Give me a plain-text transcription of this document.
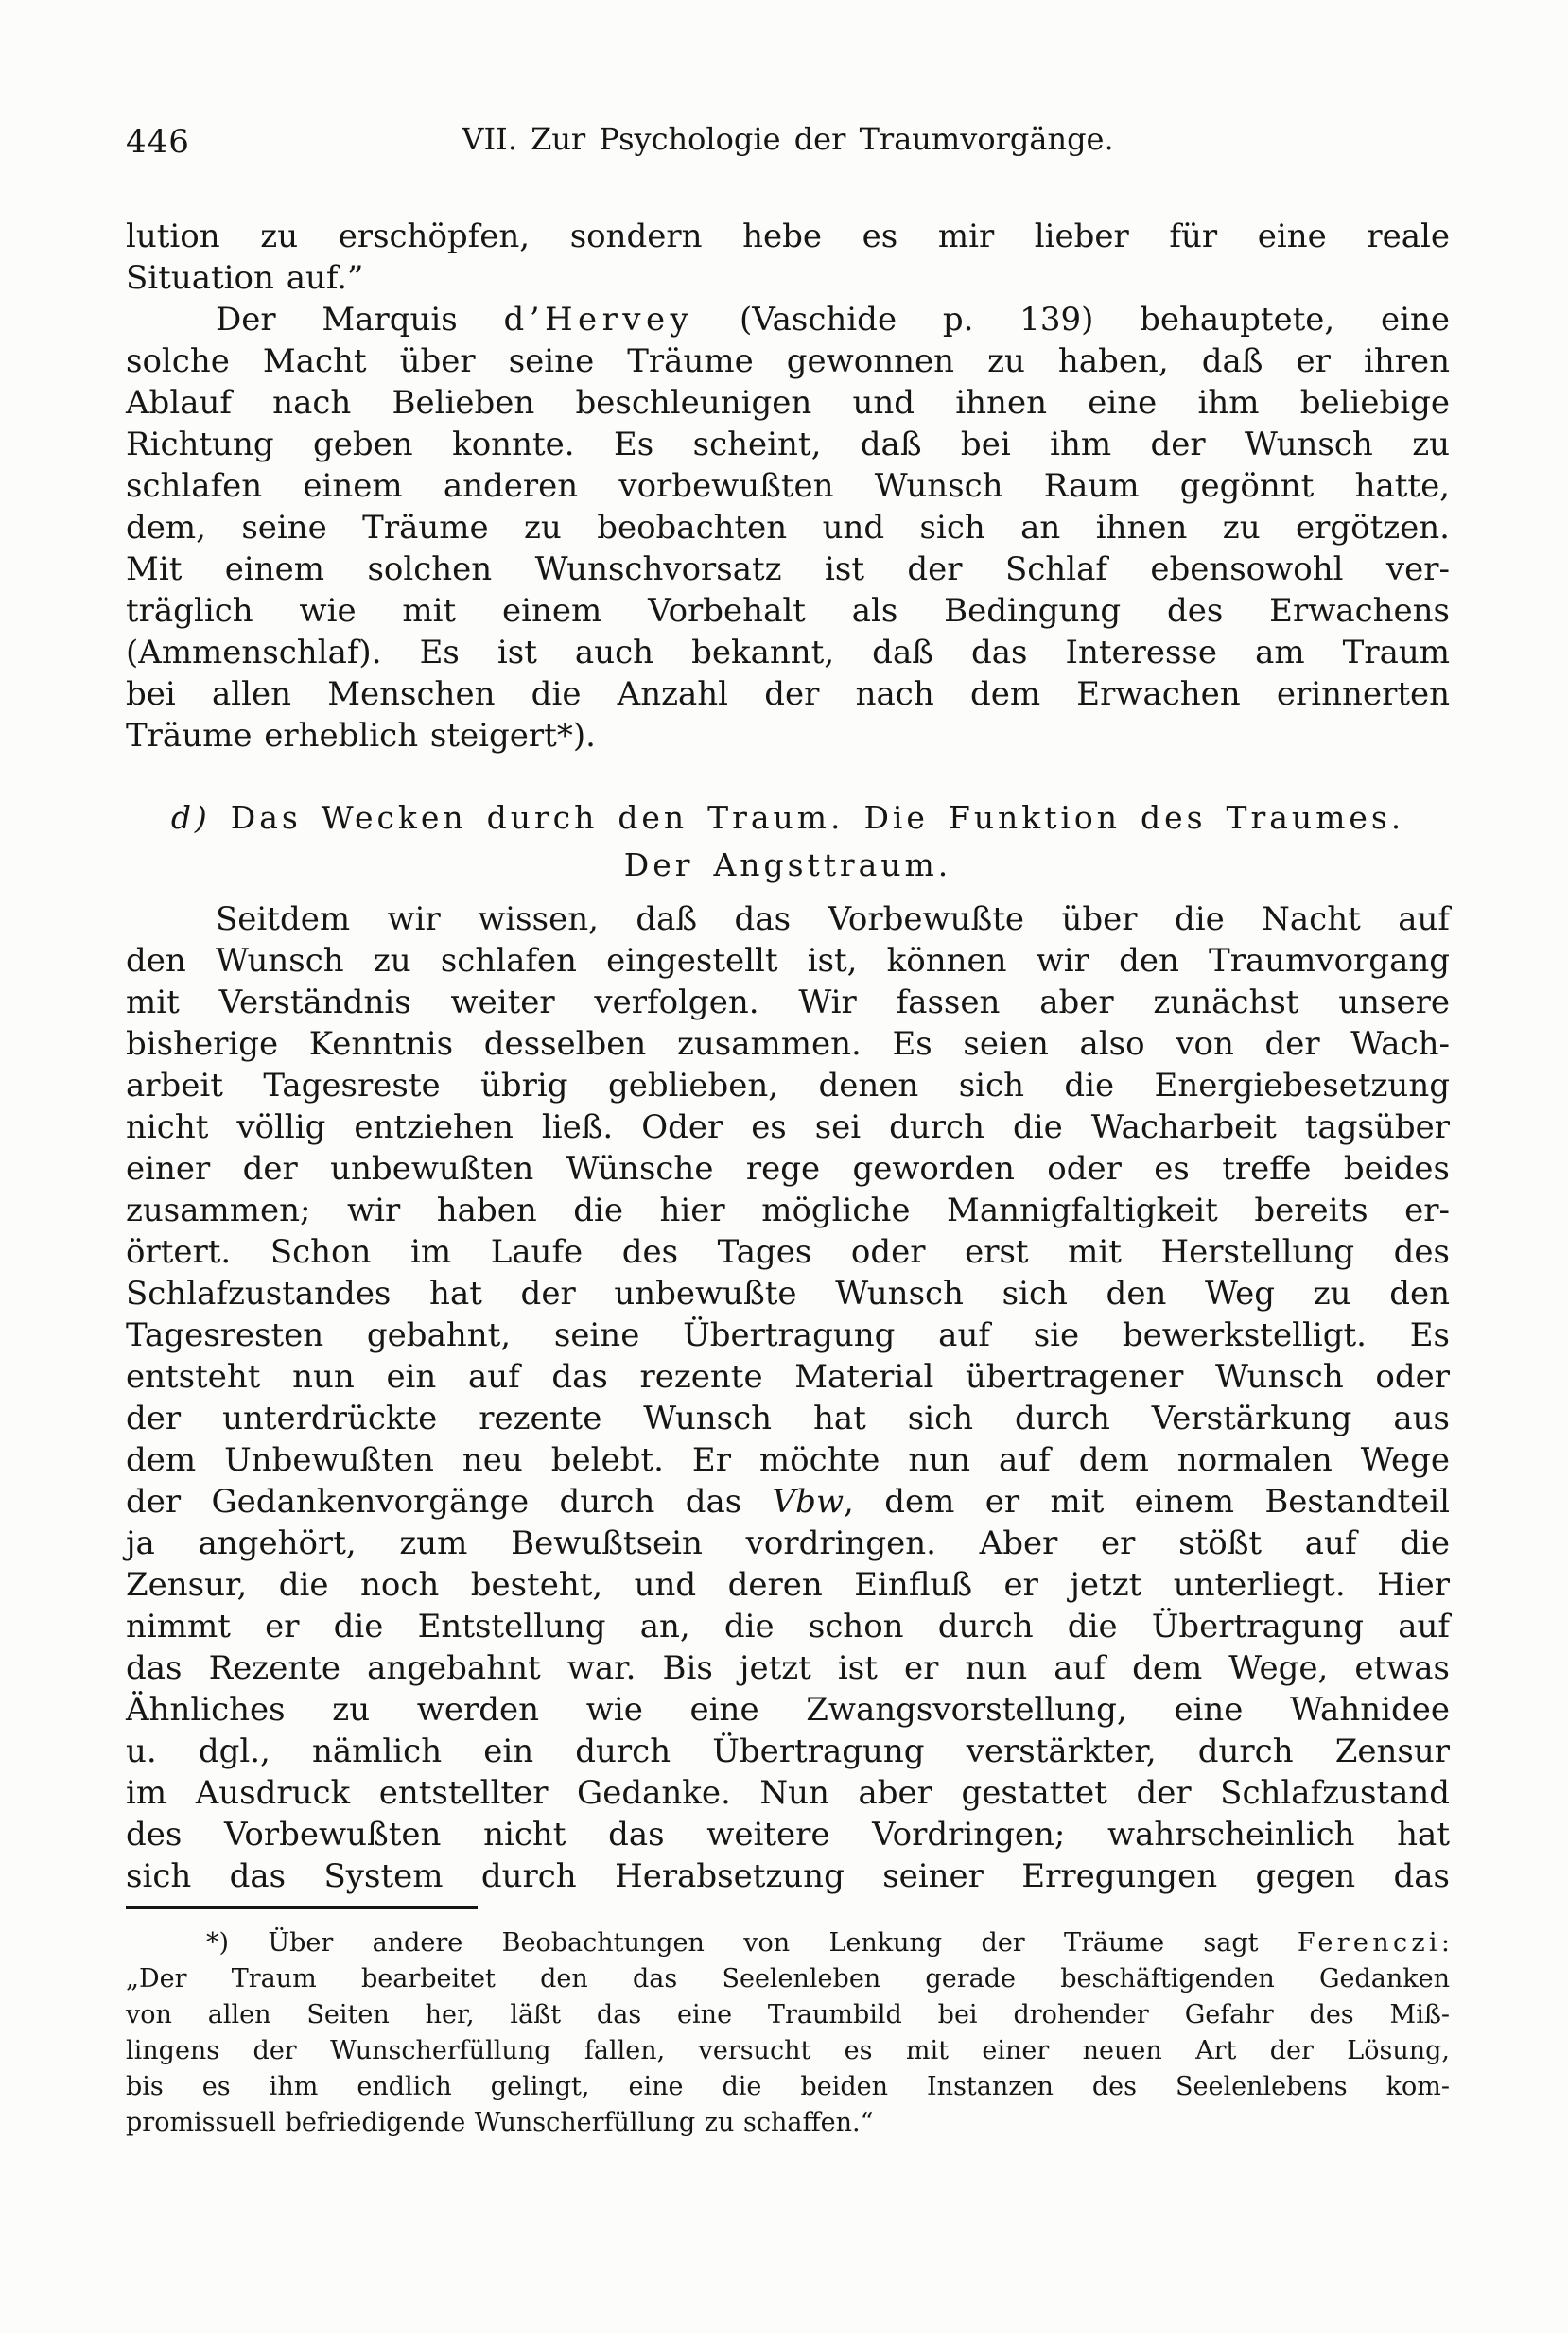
446	VII. Zur Psychologie der Traumvorgänge.
lution zu erschöpfen, sondern hebe es mir lieber für eine reale
Situation auf.”
Der Marquis d’Hervey (Vaschide p. 139) behauptete, eine
solche Macht über seine Träume gewonnen zu haben, daß er ihren
Ablauf nach Belieben beschleunigen und ihnen eine ihm beliebige
Richtung geben konnte. Es scheint, daß bei ihm der Wunsch zu
schlafen einem anderen vorbewußten Wunsch Raum gegönnt hatte,
dem, seine Träume zu beobachten und sich an ihnen zu ergötzen.
Mit einem solchen Wunschvorsatz ist der Schlaf ebensowohl ver-
träglich wie mit einem Vorbehalt als Bedingung des Erwachens
(Ammenschlaf). Es ist auch bekannt, daß das Interesse am Traum
bei allen Menschen die Anzahl der nach dem Erwachen erinnerten
Träume erheblich steigert*).
d) Das Wecken durch den Traum. Die Funktion des Traumes.
Der Angsttraum.
Seitdem wir wissen, daß das Vorbewußte über die Nacht auf
den Wunsch zu schlafen eingestellt ist, können wir den Traumvorgang
mit Verständnis weiter verfolgen. Wir fassen aber zunächst unsere
bisherige Kenntnis desselben zusammen. Es seien also von der Wach-
arbeit Tagesreste übrig geblieben, denen sich die Energiebesetzung
nicht völlig entziehen ließ. Oder es sei durch die Wacharbeit tagsüber
einer der unbewußten Wünsche rege geworden oder es treffe beides
zusammen; wir haben die hier mögliche Mannigfaltigkeit bereits er-
örtert. Schon im Laufe des Tages oder erst mit Herstellung des
Schlafzustandes hat der unbewußte Wunsch sich den Weg zu den
Tagesresten gebahnt, seine Übertragung auf sie bewerkstelligt. Es
entsteht nun ein auf das rezente Material übertragener Wunsch oder
der unterdrückte rezente Wunsch hat sich durch Verstärkung aus
dem Unbewußten neu belebt. Er möchte nun auf dem normalen Wege
der Gedankenvorgänge durch das Vbw, dem er mit einem Bestandteil
ja angehört, zum Bewußtsein vordringen. Aber er stößt auf die
Zensur, die noch besteht, und deren Einfluß er jetzt unterliegt. Hier
nimmt er die Entstellung an, die schon durch die Übertragung auf
das Rezente angebahnt war. Bis jetzt ist er nun auf dem Wege, etwas
Ähnliches zu werden wie eine Zwangsvorstellung, eine Wahnidee
u. dgl., nämlich ein durch Übertragung verstärkter, durch Zensur
im Ausdruck entstellter Gedanke. Nun aber gestattet der Schlafzustand
des Vorbewußten nicht das weitere Vordringen; wahrscheinlich hat
sich das System durch Herabsetzung seiner Erregungen gegen das
*) Über andere Beobachtungen von Lenkung der Träume sagt Ferenczi:
„Der Traum bearbeitet den das Seelenleben gerade beschäftigenden Gedanken
von allen Seiten her, läßt das eine Traumbild bei drohender Gefahr des Miß-
lingens der Wunscherfüllung fallen, versucht es mit einer neuen Art der Lösung,
bis es ihm endlich gelingt, eine die beiden Instanzen des Seelenlebens kom-
promissuell befriedigende Wunscherfüllung zu schaffen.“
